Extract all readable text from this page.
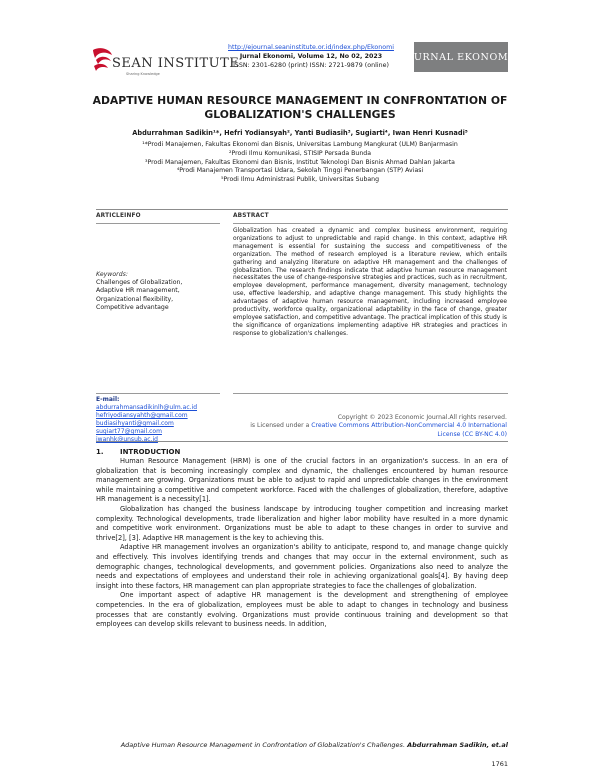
SEAN INSTITUTE
Sharing Knowledge
http://ejournal.seaninstitute.or.id/index.php/Ekonomi
Jurnal Ekonomi, Volume 12, No 02, 2023
ISSN: 2301-6280 (print) ISSN: 2721-9879 (online)
JURNAL EKONOMI
ADAPTIVE HUMAN RESOURCE MANAGEMENT IN CONFRONTATION OF GLOBALIZATION'S CHALLENGES
Abdurrahman Sadikin¹*, Hefri Yodiansyah², Yanti Budiasih³, Sugiarti⁴, Iwan Henri Kusnadi⁵
¹*Prodi Manajemen, Fakultas Ekonomi dan Bisnis, Universitas Lambung Mangkurat (ULM) Banjarmasin
²Prodi Ilmu Komunikasi, STISIP Persada Bunda
³Prodi Manajemen, Fakultas Ekonomi dan Bisnis, Institut Teknologi Dan Bisnis Ahmad Dahlan Jakarta
⁴Prodi Manajemen Transportasi Udara, Sekolah Tinggi Penerbangan (STP) Aviasi
⁵Prodi Ilmu Administrasi Publik, Universitas Subang
ARTICLEINFO	ABSTRACT
Globalization has created a dynamic and complex business environment, requiring organizations to adjust to unpredictable and rapid change. In this context, adaptive HR management is essential for sustaining the success and competitiveness of the organization. The method of research employed is a literature review, which entails gathering and analyzing literature on adaptive HR management and the challenges of globalization. The research findings indicate that adaptive human resource management necessitates the use of change-responsive strategies and practices, such as in recruitment, employee development, performance management, diversity management, technology use, effective leadership, and adaptive change management. This study highlights the advantages of adaptive human resource management, including increased employee productivity, workforce quality, organizational adaptability in the face of change, greater employee satisfaction, and competitive advantage. The practical implication of this study is the significance of organizations implementing adaptive HR strategies and practices in response to globalization's challenges.
Keywords:
Challenges of Globalization,
Adaptive HR management,
Organizational flexibility,
Competitive advantage
E-mail:
abdurrahmansadikinlh@ulm.ac.id
hefriyodiansyahth@gmail.com
budiasihyanti@gmail.com
sugiart77@gmail.com
iwanhk@unsub.ac.id
Copyright © 2023 Economic Journal.All rights reserved.
is Licensed under a Creative Commons Attribution-NonCommercial 4.0 International License (CC BY-NC 4.0)
1. INTRODUCTION

Human Resource Management (HRM) is one of the crucial factors in an organization's success. In an era of globalization that is becoming increasingly complex and dynamic, the challenges encountered by human resource management are growing. Organizations must be able to adjust to rapid and unpredictable changes in the environment while maintaining a competitive and competent workforce. Faced with the challenges of globalization, therefore, adaptive HR management is a necessity[1].

Globalization has changed the business landscape by introducing tougher competition and increasing market complexity. Technological developments, trade liberalization and higher labor mobility have resulted in a more dynamic and competitive work environment. Organizations must be able to adapt to these changes in order to survive and thrive[2], [3]. Adaptive HR management is the key to achieving this.

Adaptive HR management involves an organization's ability to anticipate, respond to, and manage change quickly and effectively. This involves identifying trends and changes that may occur in the external environment, such as demographic changes, technological developments, and government policies. Organizations also need to analyze the needs and expectations of employees and understand their role in achieving organizational goals[4]. By having deep insight into these factors, HR management can plan appropriate strategies to face the challenges of globalization.

One important aspect of adaptive HR management is the development and strengthening of employee competencies. In the era of globalization, employees must be able to adapt to changes in technology and business processes that are constantly evolving. Organizations must provide continuous training and development so that employees can develop skills relevant to business needs. In addition,

Adaptive Human Resource Management in Confrontation of Globalization's Challenges. Abdurrahman Sadikin, et.al
1761
